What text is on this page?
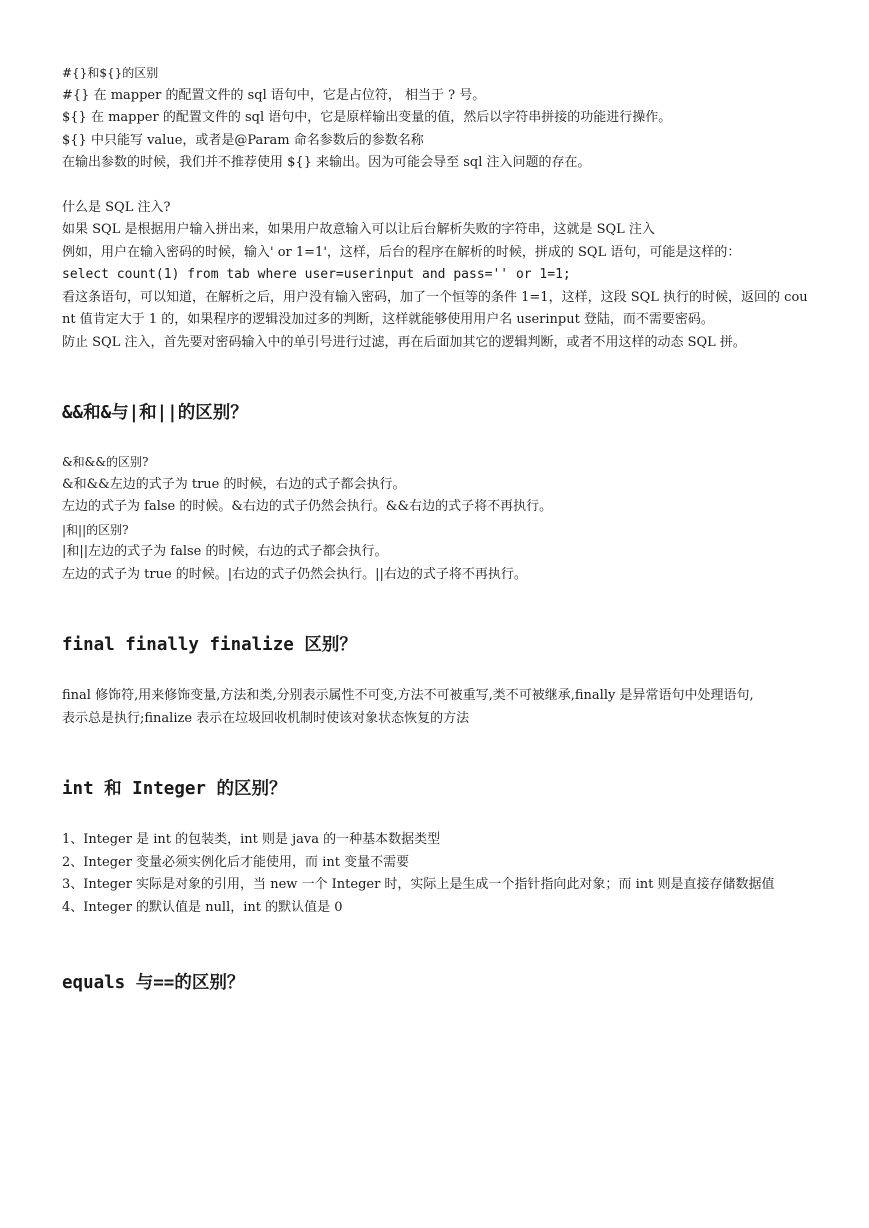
#{}和${}的区别

#{} 在 mapper 的配置文件的 sql 语句中，它是占位符， 相当于 ? 号。

${} 在 mapper 的配置文件的 sql 语句中，它是原样输出变量的值，然后以字符串拼接的功能进行操作。

${} 中只能写 value，或者是@Param 命名参数后的参数名称

在输出参数的时候，我们并不推荐使用 ${} 来输出。因为可能会导至 sql 注入问题的存在。

什么是 SQL 注入?

如果 SQL 是根据用户输入拼出来，如果用户故意输入可以让后台解析失败的字符串，这就是 SQL 注入

例如，用户在输入密码的时候，输入' or 1=1'，这样，后台的程序在解析的时候，拼成的 SQL 语句，可能是这样的：

select count(1) from tab where user=userinput and pass='' or 1=1;

看这条语句，可以知道，在解析之后，用户没有输入密码，加了一个恒等的条件 1=1，这样，这段 SQL 执行的时候，返回的 count 值肯定大于 1 的，如果程序的逻辑没加过多的判断，这样就能够使用用户名 userinput 登陆，而不需要密码。

防止 SQL 注入，首先要对密码输入中的单引号进行过滤，再在后面加其它的逻辑判断，或者不用这样的动态 SQL 拼。

&&和&与|和||的区别？

&和&&的区别?

&和&&左边的式子为 true 的时候，右边的式子都会执行。

左边的式子为 false 的时候。&右边的式子仍然会执行。&&右边的式子将不再执行。

|和||的区别?

|和||左边的式子为 false 的时候，右边的式子都会执行。

左边的式子为 true 的时候。|右边的式子仍然会执行。||右边的式子将不再执行。

final finally finalize 区别？

final 修饰符,用来修饰变量,方法和类,分别表示属性不可变,方法不可被重写,类不可被继承,finally 是异常语句中处理语句,

表示总是执行;finalize 表示在垃圾回收机制时使该对象状态恢复的方法

int 和 Integer 的区别？

1、Integer 是 int 的包装类，int 则是 java 的一种基本数据类型

2、Integer 变量必须实例化后才能使用，而 int 变量不需要

3、Integer 实际是对象的引用，当 new 一个 Integer 时，实际上是生成一个指针指向此对象；而 int 则是直接存储数据值

4、Integer 的默认值是 null，int 的默认值是 0

equals 与==的区别？
